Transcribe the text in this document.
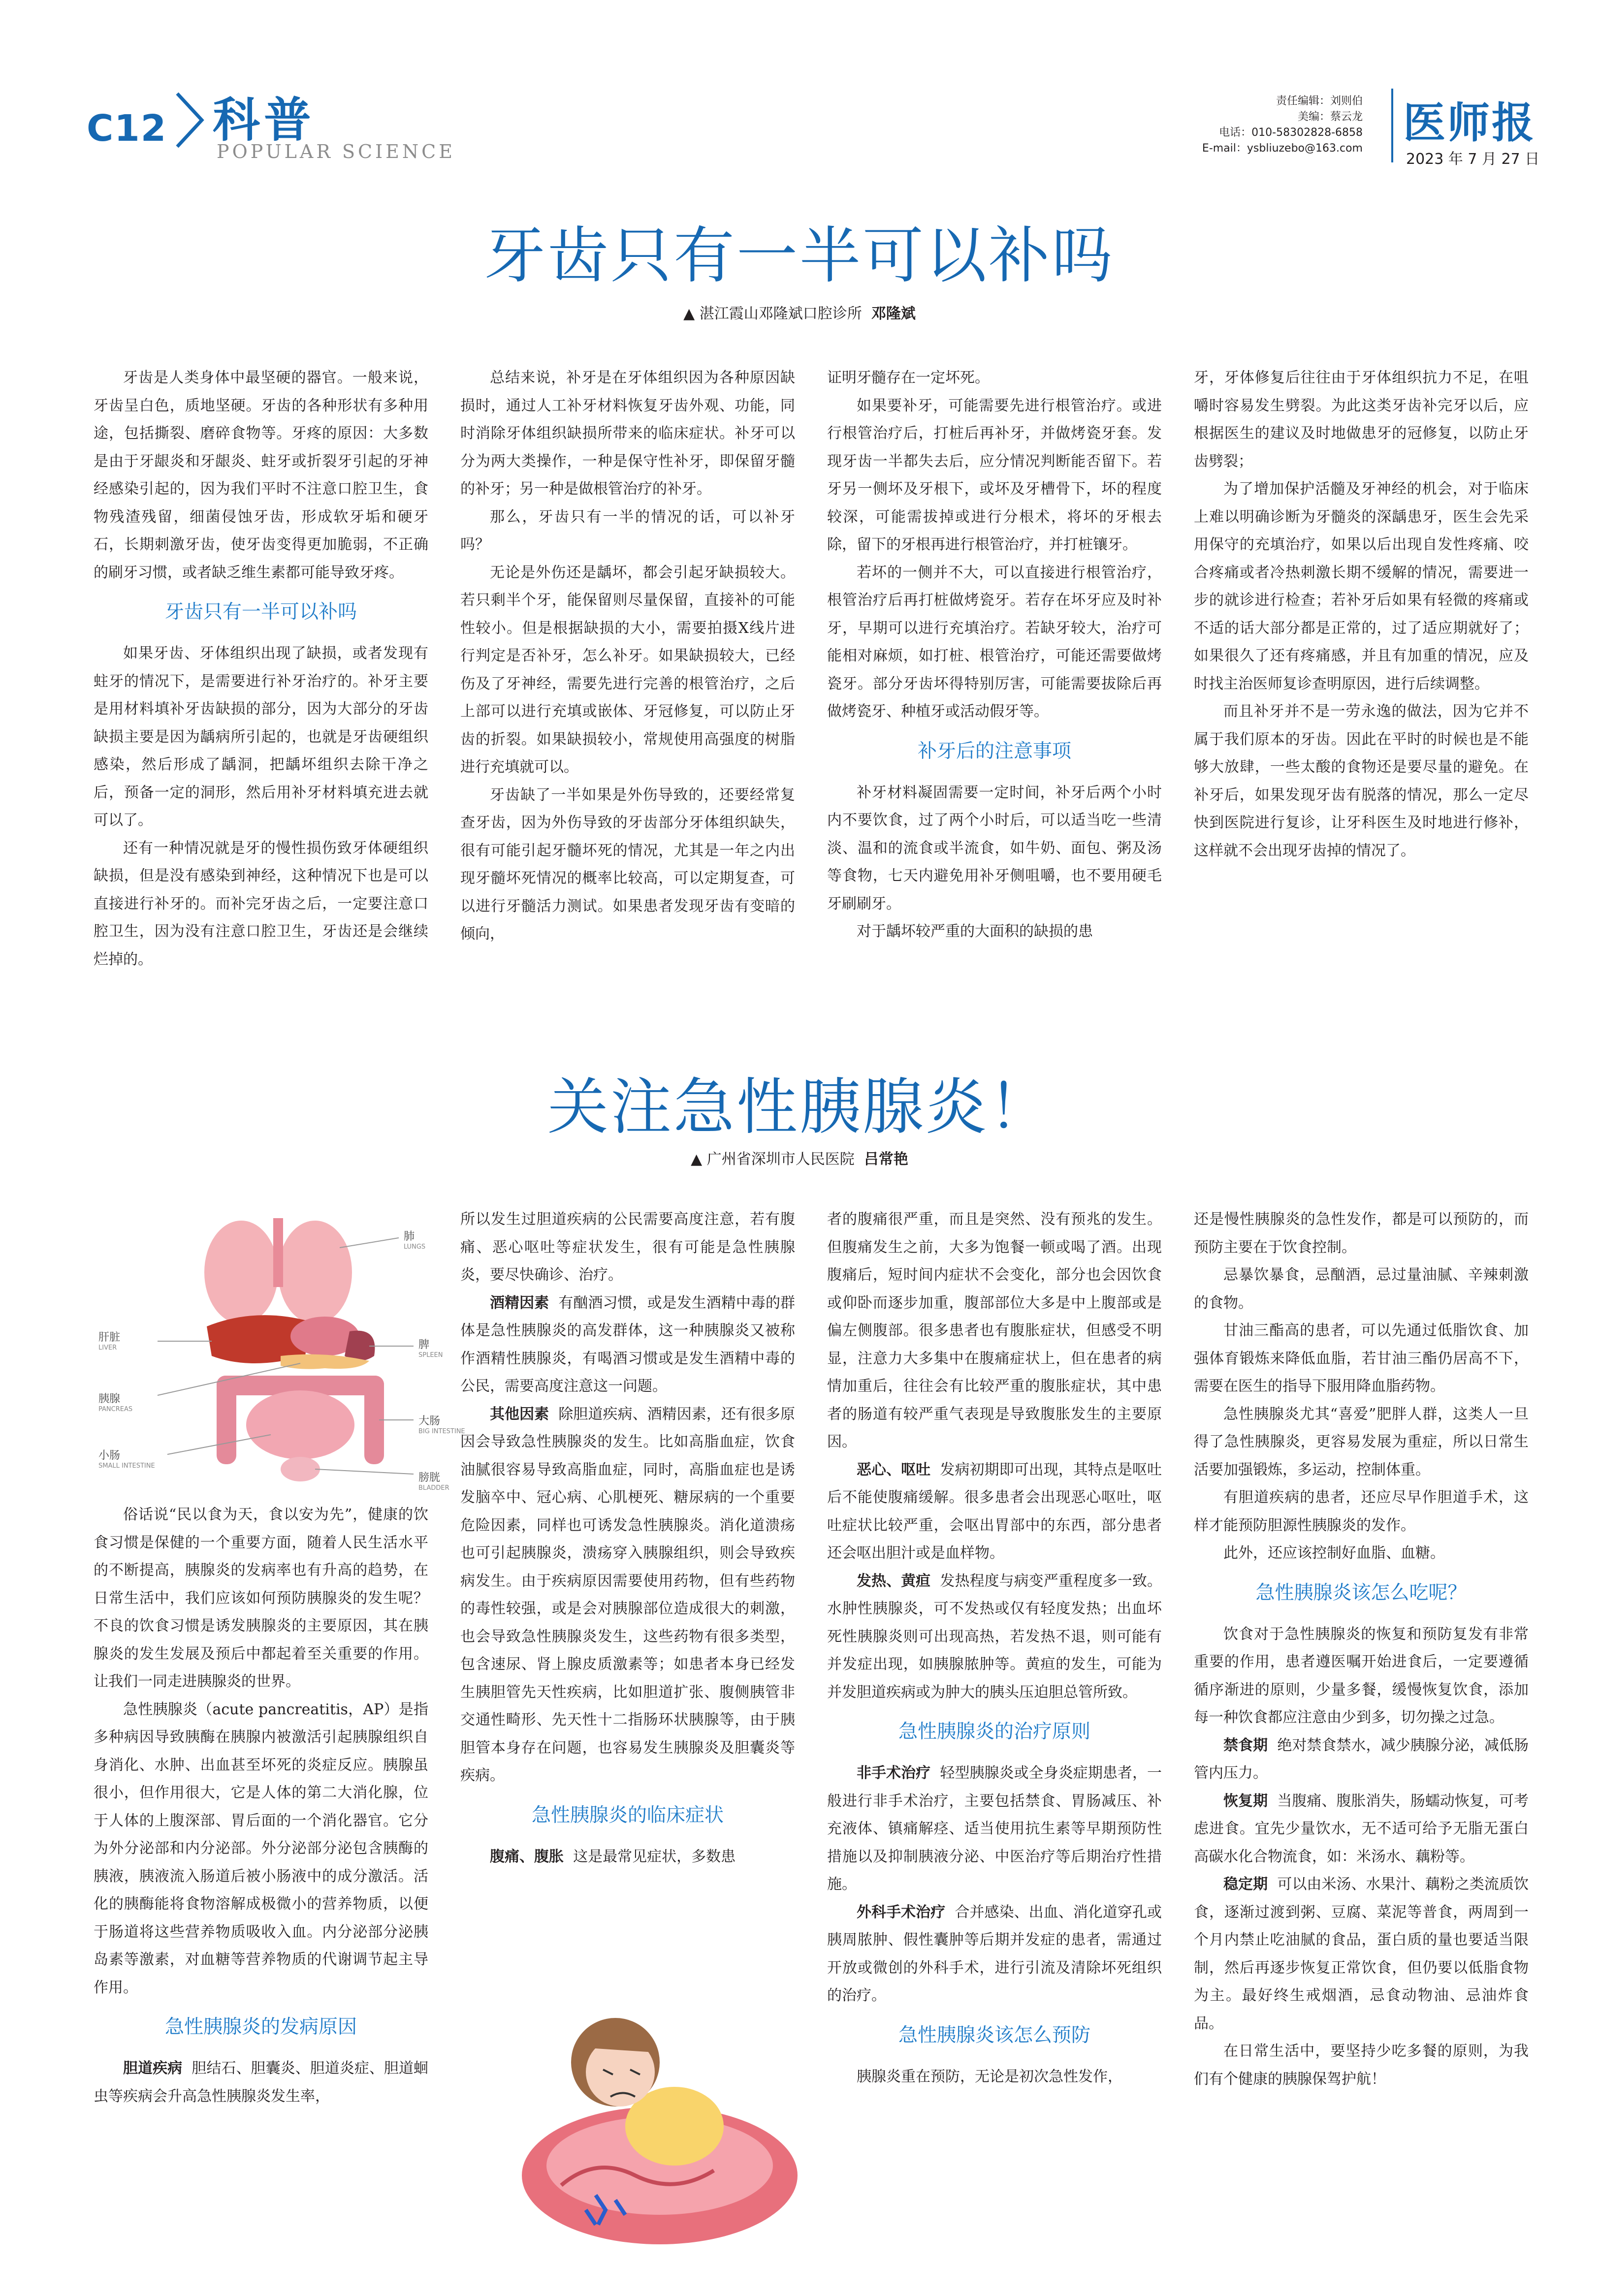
C12 科普
POPULAR SCIENCE
责任编辑：刘则伯
美编：蔡云龙
电话：010-58302828-6858
E-mail：ysbliuzebo@163.com
医师报
2023 年 7 月 27 日
牙齿只有一半可以补吗
▲ 湛江霞山邓隆斌口腔诊所 邓隆斌

牙齿是人类身体中最坚硬的器官。一般来说，牙齿呈白色，质地坚硬。牙齿的各种形状有多种用途，包括撕裂、磨碎食物等。牙疼的原因：大多数是由于牙龈炎和牙龈炎、蛀牙或折裂牙引起的牙神经感染引起的，因为我们平时不注意口腔卫生，食物残渣残留，细菌侵蚀牙齿，形成软牙垢和硬牙石，长期刺激牙齿，使牙齿变得更加脆弱，不正确的刷牙习惯，或者缺乏维生素都可能导致牙疼。

牙齿只有一半可以补吗

如果牙齿、牙体组织出现了缺损，或者发现有蛀牙的情况下，是需要进行补牙治疗的。补牙主要是用材料填补牙齿缺损的部分，因为大部分的牙齿缺损主要是因为龋病所引起的，也就是牙齿硬组织感染，然后形成了龋洞，把龋坏组织去除干净之后，预备一定的洞形，然后用补牙材料填充进去就可以了。

还有一种情况就是牙的慢性损伤致牙体硬组织缺损，但是没有感染到神经，这种情况下也是可以直接进行补牙的。而补完牙齿之后，一定要注意口腔卫生，因为没有注意口腔卫生，牙齿还是会继续烂掉的。

总结来说，补牙是在牙体组织因为各种原因缺损时，通过人工补牙材料恢复牙齿外观、功能，同时消除牙体组织缺损所带来的临床症状。补牙可以分为两大类操作，一种是保守性补牙，即保留牙髓的补牙；另一种是做根管治疗的补牙。

那么，牙齿只有一半的情况的话，可以补牙吗？

无论是外伤还是龋坏，都会引起牙缺损较大。若只剩半个牙，能保留则尽量保留，直接补的可能性较小。但是根据缺损的大小，需要拍摄X线片进行判定是否补牙，怎么补牙。如果缺损较大，已经伤及了牙神经，需要先进行完善的根管治疗，之后上部可以进行充填或嵌体、牙冠修复，可以防止牙齿的折裂。如果缺损较小，常规使用高强度的树脂进行充填就可以。

牙齿缺了一半如果是外伤导致的，还要经常复查牙齿，因为外伤导致的牙齿部分牙体组织缺失，很有可能引起牙髓坏死的情况，尤其是一年之内出现牙髓坏死情况的概率比较高，可以定期复查，可以进行牙髓活力测试。如果患者发现牙齿有变暗的倾向，

证明牙髓存在一定坏死。

如果要补牙，可能需要先进行根管治疗。或进行根管治疗后，打桩后再补牙，并做烤瓷牙套。发现牙齿一半都失去后，应分情况判断能否留下。若牙另一侧坏及牙根下，或坏及牙槽骨下，坏的程度较深，可能需拔掉或进行分根术，将坏的牙根去除，留下的牙根再进行根管治疗，并打桩镶牙。

若坏的一侧并不大，可以直接进行根管治疗，根管治疗后再打桩做烤瓷牙。若存在坏牙应及时补牙，早期可以进行充填治疗。若缺牙较大，治疗可能相对麻烦，如打桩、根管治疗，可能还需要做烤瓷牙。部分牙齿坏得特别厉害，可能需要拔除后再做烤瓷牙、种植牙或活动假牙等。

补牙后的注意事项

补牙材料凝固需要一定时间，补牙后两个小时内不要饮食，过了两个小时后，可以适当吃一些清淡、温和的流食或半流食，如牛奶、面包、粥及汤等食物，七天内避免用补牙侧咀嚼，也不要用硬毛牙刷刷牙。

对于龋坏较严重的大面积的缺损的患

牙，牙体修复后往往由于牙体组织抗力不足，在咀嚼时容易发生劈裂。为此这类牙齿补完牙以后，应根据医生的建议及时地做患牙的冠修复，以防止牙齿劈裂；

为了增加保护活髓及牙神经的机会，对于临床上难以明确诊断为牙髓炎的深龋患牙，医生会先采用保守的充填治疗，如果以后出现自发性疼痛、咬合疼痛或者冷热刺激长期不缓解的情况，需要进一步的就诊进行检查；若补牙后如果有轻微的疼痛或不适的话大部分都是正常的，过了适应期就好了；如果很久了还有疼痛感，并且有加重的情况，应及时找主治医师复诊查明原因，进行后续调整。

而且补牙并不是一劳永逸的做法，因为它并不属于我们原本的牙齿。因此在平时的时候也是不能够大放肆，一些太酸的食物还是要尽量的避免。在补牙后，如果发现牙齿有脱落的情况，那么一定尽快到医院进行复诊，让牙科医生及时地进行修补，这样就不会出现牙齿掉的情况了。

关注急性胰腺炎！
▲ 广州省深圳市人民医院 吕常艳
肺
LUNGS
肝脏
LIVER	脾
SPLEEN
胰腺
PANCREAS
大肠
BIG INTESTINE
小肠
SMALL INTESTINE
膀胱
BLADDER

俗话说“民以食为天，食以安为先”，健康的饮食习惯是保健的一个重要方面，随着人民生活水平的不断提高，胰腺炎的发病率也有升高的趋势，在日常生活中，我们应该如何预防胰腺炎的发生呢？不良的饮食习惯是诱发胰腺炎的主要原因，其在胰腺炎的发生发展及预后中都起着至关重要的作用。让我们一同走进胰腺炎的世界。

急性胰腺炎（acute pancreatitis，AP）是指多种病因导致胰酶在胰腺内被激活引起胰腺组织自身消化、水肿、出血甚至坏死的炎症反应。胰腺虽很小，但作用很大，它是人体的第二大消化腺，位于人体的上腹深部、胃后面的一个消化器官。它分为外分泌部和内分泌部。外分泌部分泌包含胰酶的胰液，胰液流入肠道后被小肠液中的成分激活。活化的胰酶能将食物溶解成极微小的营养物质，以便于肠道将这些营养物质吸收入血。内分泌部分泌胰岛素等激素，对血糖等营养物质的代谢调节起主导作用。

急性胰腺炎的发病原因

胆道疾病 胆结石、胆囊炎、胆道炎症、胆道蛔虫等疾病会升高急性胰腺炎发生率，

所以发生过胆道疾病的公民需要高度注意，若有腹痛、恶心呕吐等症状发生，很有可能是急性胰腺炎，要尽快确诊、治疗。

酒精因素 有酗酒习惯，或是发生酒精中毒的群体是急性胰腺炎的高发群体，这一种胰腺炎又被称作酒精性胰腺炎，有喝酒习惯或是发生酒精中毒的公民，需要高度注意这一问题。

其他因素 除胆道疾病、酒精因素，还有很多原因会导致急性胰腺炎的发生。比如高脂血症，饮食油腻很容易导致高脂血症，同时，高脂血症也是诱发脑卒中、冠心病、心肌梗死、糖尿病的一个重要危险因素，同样也可诱发急性胰腺炎。消化道溃疡也可引起胰腺炎，溃疡穿入胰腺组织，则会导致疾病发生。由于疾病原因需要使用药物，但有些药物的毒性较强，或是会对胰腺部位造成很大的刺激，也会导致急性胰腺炎发生，这些药物有很多类型，包含速尿、肾上腺皮质激素等；如患者本身已经发生胰胆管先天性疾病，比如胆道扩张、腹侧胰管非交通性畸形、先天性十二指肠环状胰腺等，由于胰胆管本身存在问题，也容易发生胰腺炎及胆囊炎等疾病。

急性胰腺炎的临床症状

腹痛、腹胀 这是最常见症状，多数患

者的腹痛很严重，而且是突然、没有预兆的发生。但腹痛发生之前，大多为饱餐一顿或喝了酒。出现腹痛后，短时间内症状不会变化，部分也会因饮食或仰卧而逐步加重，腹部部位大多是中上腹部或是偏左侧腹部。很多患者也有腹胀症状，但感受不明显，注意力大多集中在腹痛症状上，但在患者的病情加重后，往往会有比较严重的腹胀症状，其中患者的肠道有较严重气表现是导致腹胀发生的主要原因。

恶心、呕吐 发病初期即可出现，其特点是呕吐后不能使腹痛缓解。很多患者会出现恶心呕吐，呕吐症状比较严重，会呕出胃部中的东西，部分患者还会呕出胆汁或是血样物。

发热、黄疸 发热程度与病变严重程度多一致。水肿性胰腺炎，可不发热或仅有轻度发热；出血坏死性胰腺炎则可出现高热，若发热不退，则可能有并发症出现，如胰腺脓肿等。黄疸的发生，可能为并发胆道疾病或为肿大的胰头压迫胆总管所致。

急性胰腺炎的治疗原则

非手术治疗 轻型胰腺炎或全身炎症期患者，一般进行非手术治疗，主要包括禁食、胃肠减压、补充液体、镇痛解痉、适当使用抗生素等早期预防性措施以及抑制胰液分泌、中医治疗等后期治疗性措施。

外科手术治疗 合并感染、出血、消化道穿孔或胰周脓肿、假性囊肿等后期并发症的患者，需通过开放或微创的外科手术，进行引流及清除坏死组织的治疗。

急性胰腺炎该怎么预防

胰腺炎重在预防，无论是初次急性发作，

还是慢性胰腺炎的急性发作，都是可以预防的，而预防主要在于饮食控制。

忌暴饮暴食，忌酗酒，忌过量油腻、辛辣刺激的食物。

甘油三酯高的患者，可以先通过低脂饮食、加强体育锻炼来降低血脂，若甘油三酯仍居高不下，需要在医生的指导下服用降血脂药物。

急性胰腺炎尤其“喜爱”肥胖人群，这类人一旦得了急性胰腺炎，更容易发展为重症，所以日常生活要加强锻炼，多运动，控制体重。

有胆道疾病的患者，还应尽早作胆道手术，这样才能预防胆源性胰腺炎的发作。

此外，还应该控制好血脂、血糖。

急性胰腺炎该怎么吃呢？

饮食对于急性胰腺炎的恢复和预防复发有非常重要的作用，患者遵医嘱开始进食后，一定要遵循循序渐进的原则，少量多餐，缓慢恢复饮食，添加每一种饮食都应注意由少到多，切勿操之过急。

禁食期 绝对禁食禁水，减少胰腺分泌，减低肠管内压力。

恢复期 当腹痛、腹胀消失，肠蠕动恢复，可考虑进食。宜先少量饮水，无不适可给予无脂无蛋白高碳水化合物流食，如：米汤水、藕粉等。

稳定期 可以由米汤、水果汁、藕粉之类流质饮食，逐渐过渡到粥、豆腐、菜泥等普食，两周到一个月内禁止吃油腻的食品，蛋白质的量也要适当限制，然后再逐步恢复正常饮食，但仍要以低脂食物为主。最好终生戒烟酒，忌食动物油、忌油炸食品。

在日常生活中，要坚持少吃多餐的原则，为我们有个健康的胰腺保驾护航！
